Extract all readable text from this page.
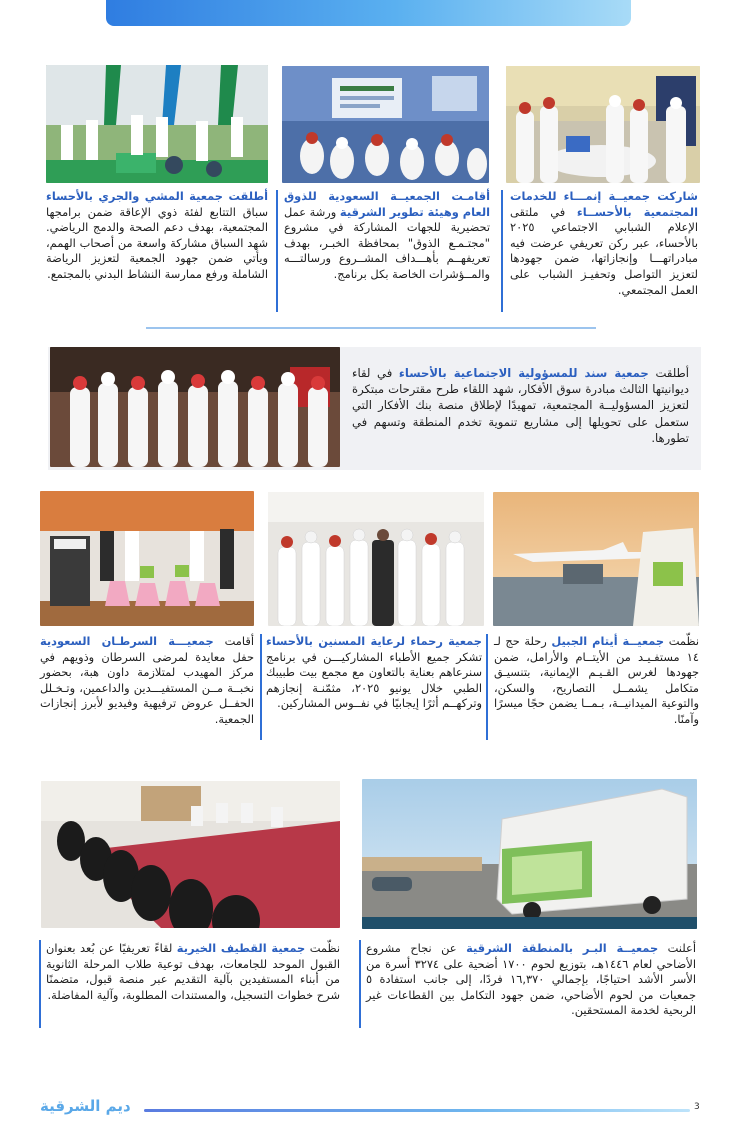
شاركت جمعيــة إنمـــاء للخدمات المجتمعية بالأحســاء في ملتقى الإعلام الشبابي الاجتماعي ٢٠٢٥ بالأحساء، عبر ركن تعريفي عرضت فيه مبادراتهـــا وإنجازاتها، ضمن جهودها لتعزيز التواصل وتحفيـز الشباب على العمل المجتمعي.
أقامـت الجمعيــة السعودية للذوق العام وهيئة تطوير الشرقية ورشة عمل تحضيرية للجهات المشاركة في مشروع "مجتـمـع الذوق" بمحافظة الخبـر، بهدف تعريفهــم بأهـــداف المشــروع ورسالتـــه والمــؤشرات الخاصة بكل برنامج.
أطلقت جمعية المشي والجري بالأحساء سباق التتابع لفئة ذوي الإعاقة ضمن برامجها المجتمعية، بهدف دعم الصحة والدمج الرياضي. شهد السباق مشاركة واسعة من أصحاب الهمم، ويأتي ضمن جهود الجمعية لتعزيز الرياضة الشاملة ورفع ممارسة النشاط البدني بالمجتمع.
أطلقت جمعية سند للمسؤولية الاجتماعية بالأحساء في لقاء ديوانيتها الثالث مبادرة سوق الأفكار، شهد اللقاء طرح مقترحات مبتكرة لتعزيز المسؤوليــة المجتمعية، تمهيدًا لإطلاق منصة بنك الأفكار التي ستعمل على تحويلها إلى مشاريع تنموية تخدم المنطقة وتسهم في تطورها.
نظّمت جمعيــة أيتام الجبيل رحلة حج لـ ١٤ مستفـيـد من الأيتــام والأرامل، ضمن جهودها لغرس القـيـم الإيمانية، بتنسيـق متكامل يشمــل التصاريح، والسكن، والتوعية الميدانيــة، بـمــا يضمن حجًا ميسرًا وآمنًا.
جمعية رحماء لرعاية المسنين بالأحساء تشكر جميع الأطباء المشاركيـــن في برنامج سنرعاهم بعناية بالتعاون مع مجمع بيت طبيبك الطبي خلال يونيو ٢٠٢٥، مثمّنـة إنجازهم وتركهــم أثرًا إيجابيًا في نفــوس المشاركين.
أقامت جمعيـــة السرطـان السعودية حفل معايدة لمرضى السرطان وذويهم في مركز المهيدب لمتلازمة داون هبة، بحضور نخبــة مــن المستفيـــدين والداعمين، وتـخـلل الحفــل عروض ترفيهية وفيديو لأبرز إنجازات الجمعية.
أعلنت جمعيــة البـر بالمنطقة الشرقية عن نجاح مشروع الأضاحي لعام ١٤٤٦هـ، بتوزيع لحوم ١٧٠٠ أضحية على ٣٢٧٤ أسرة من الأسر الأشد احتياجًا، بإجمالي ١٦,٣٧٠ فردًا، إلى جانب استفادة ٥ جمعيات من لحوم الأضاحي، ضمن جهود التكامل بين القطاعات غير الربحية لخدمة المستحقين.
نظّمت جمعية القطيف الخيرية لقاءً تعريفيًا عن بُعد بعنوان القبول الموحد للجامعات، بهدف توعية طلاب المرحلة الثانوية من أبناء المستفيدين بآلية التقديم عبر منصة قبول، متضمنًا شرح خطوات التسجيل، والمستندات المطلوبة، وآلية المفاضلة.
ديم الشرقية	3
